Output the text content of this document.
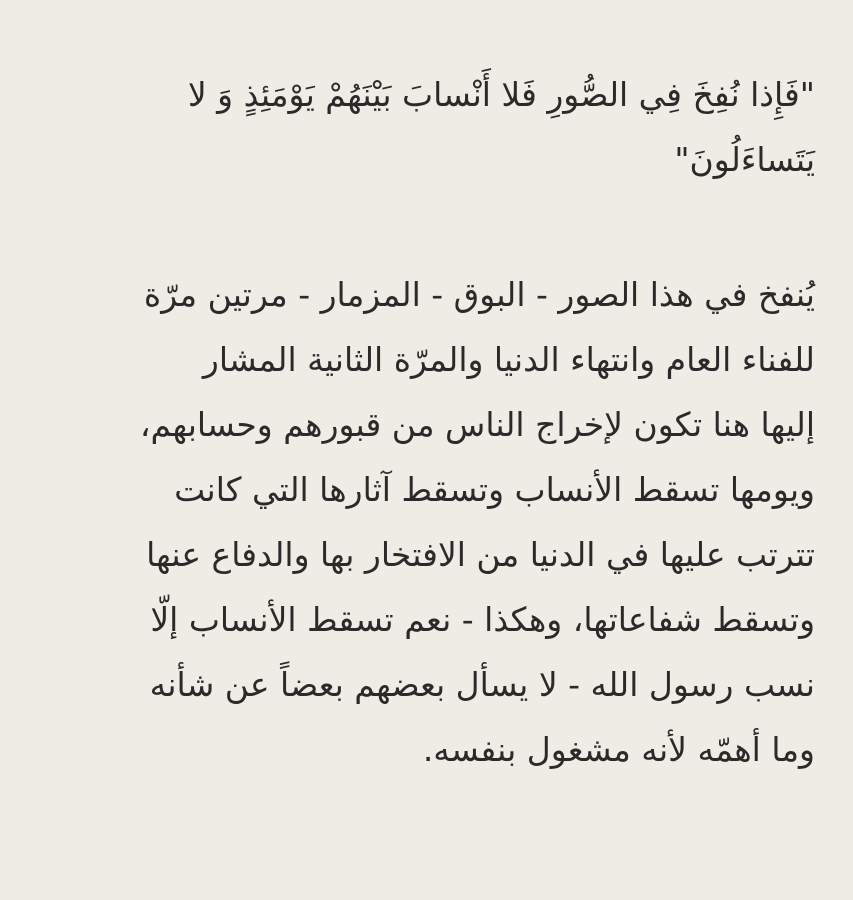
"فَإِذا نُفِخَ فِي الصُّورِ فَلا أَنْسابَ بَيْنَهُمْ يَوْمَئِذٍ وَ لا
يَتَساءَلُونَ"

يُنفخ في هذا الصور - البوق - المزمار - مرتين مرّة
للفناء العام وانتهاء الدنيا والمرّة الثانية المشار
إليها هنا تكون لإخراج الناس من قبورهم وحسابهم،
ويومها تسقط الأنساب وتسقط آثارها التي كانت
تترتب عليها في الدنيا من الافتخار بها والدفاع عنها
وتسقط شفاعاتها، وهكذا - نعم تسقط الأنساب إلّا
نسب رسول الله - لا يسأل بعضهم بعضاً عن شأنه
وما أهمّه لأنه مشغول بنفسه.
